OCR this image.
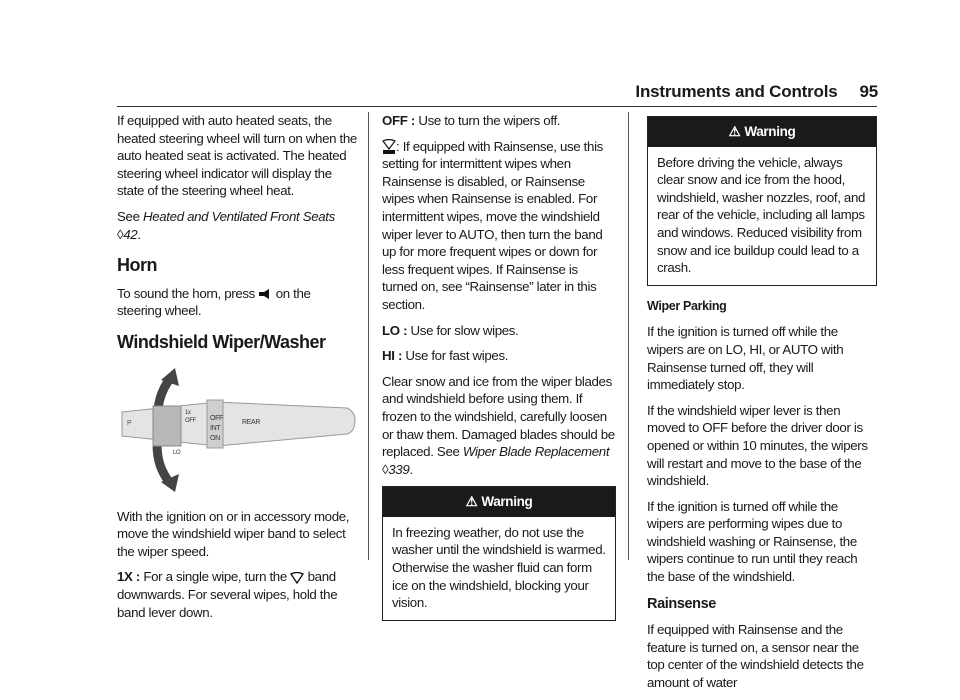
Instruments and Controls 95

If equipped with auto heated seats, the heated steering wheel will turn on when the auto heated seat is activated. The heated steering wheel indicator will display the state of the steering wheel heat.

See Heated and Ventilated Front Seats ◊42.

Horn

To sound the horn, press on the steering wheel.

Windshield Wiper/Washer
P
1x
OFF OFF
INT
ON
REAR
LO

With the ignition on or in accessory mode, move the windshield wiper band to select the wiper speed.

1X : For a single wipe, turn the band downwards. For several wipes, hold the band lever down.

OFF : Use to turn the wipers off.

: If equipped with Rainsense, use this setting for intermittent wipes when Rainsense is disabled, or Rainsense wipes when Rainsense is enabled. For intermittent wipes, move the windshield wiper lever to AUTO, then turn the band up for more frequent wipes or down for less frequent wipes. If Rainsense is turned on, see “Rainsense” later in this section.

LO : Use for slow wipes.

HI : Use for fast wipes.

Clear snow and ice from the wiper blades and windshield before using them. If frozen to the windshield, carefully loosen or thaw them. Damaged blades should be replaced. See Wiper Blade Replacement ◊339.

⚠ Warning
In freezing weather, do not use the washer until the windshield is warmed. Otherwise the washer fluid can form ice on the windshield, blocking your vision.
⚠ Warning
Before driving the vehicle, always clear snow and ice from the hood, windshield, washer nozzles, roof, and rear of the vehicle, including all lamps and windows. Reduced visibility from snow and ice buildup could lead to a crash.

Wiper Parking

If the ignition is turned off while the wipers are on LO, HI, or AUTO with Rainsense turned off, they will immediately stop.

If the windshield wiper lever is then moved to OFF before the driver door is opened or within 10 minutes, the wipers will restart and move to the base of the windshield.

If the ignition is turned off while the wipers are performing wipes due to windshield washing or Rainsense, the wipers continue to run until they reach the base of the windshield.

Rainsense

If equipped with Rainsense and the feature is turned on, a sensor near the top center of the windshield detects the amount of water
